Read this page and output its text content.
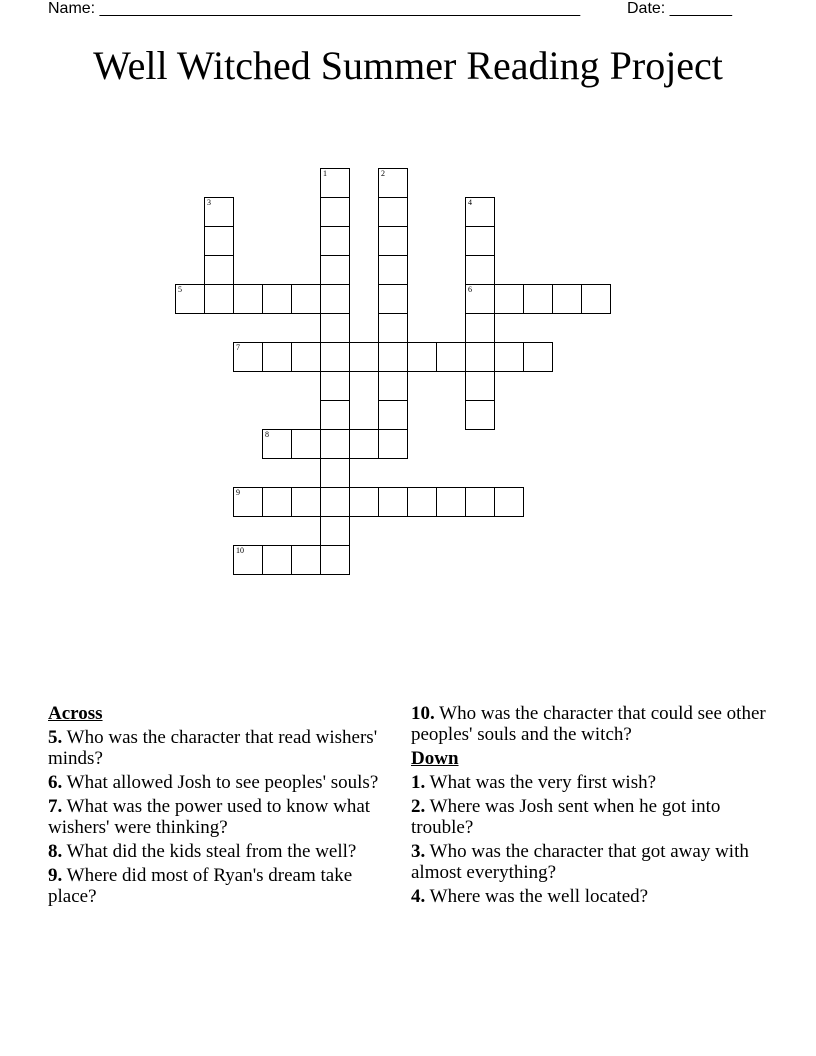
Name: ______________________________________________________	Date: _______
Well Witched Summer Reading Project
1	2
3	4
6
5
7
8
9
10
Across
5. Who was the character that read wishers' minds?
6. What allowed Josh to see peoples' souls?
7. What was the power used to know what wishers' were thinking?
8. What did the kids steal from the well?
9. Where did most of Ryan's dream take place?
10. Who was the character that could see other peoples' souls and the witch?
Down
1. What was the very first wish?
2. Where was Josh sent when he got into trouble?
3. Who was the character that got away with almost everything?
4. Where was the well located?
